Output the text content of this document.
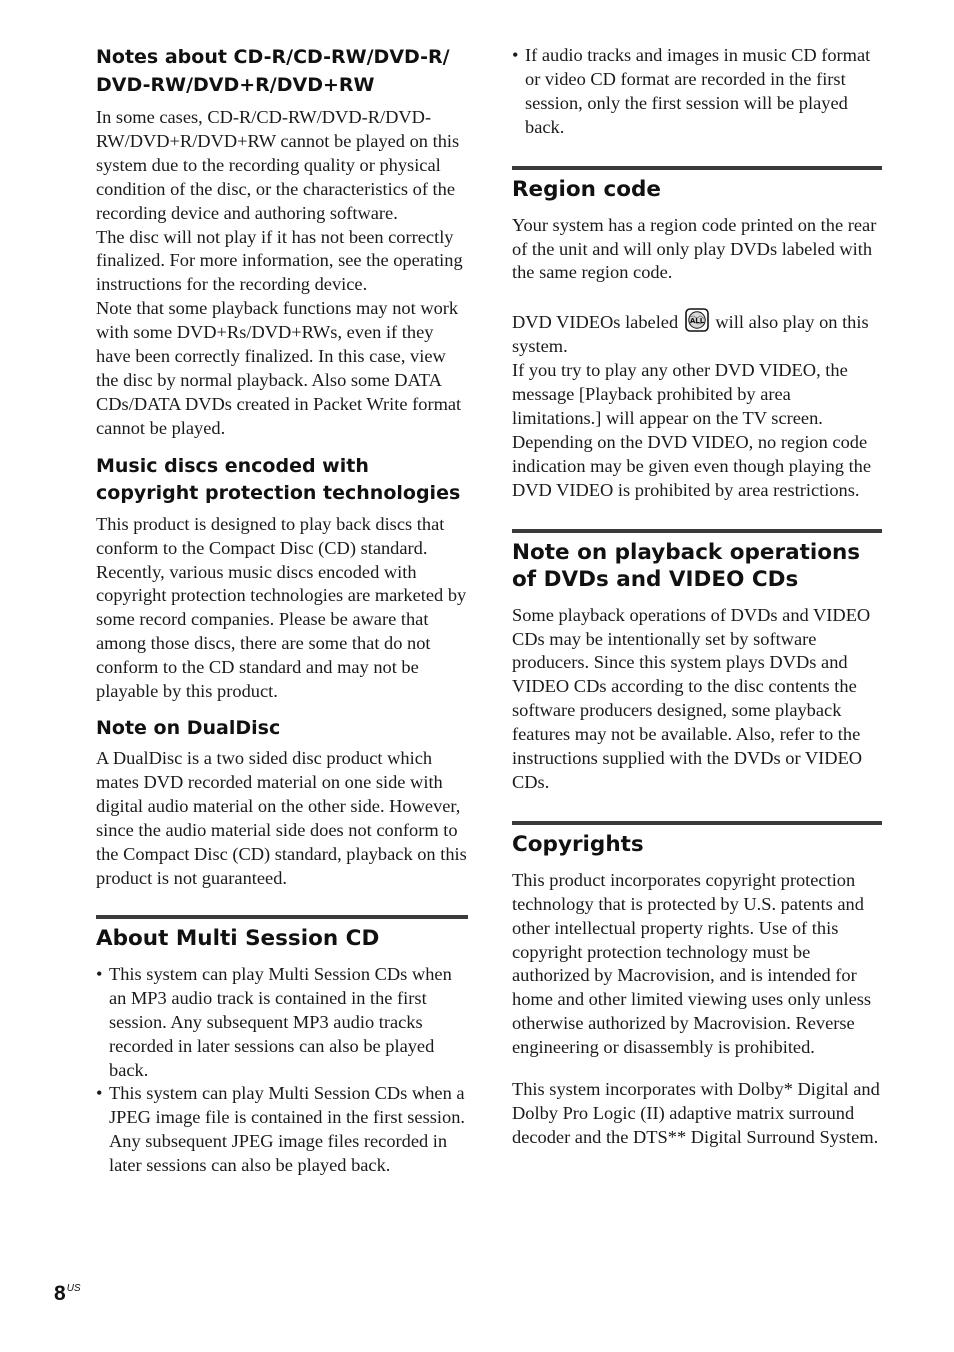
Notes about CD-R/CD-RW/DVD-R/
DVD-RW/DVD+R/DVD+RW

In some cases, CD-R/CD-RW/DVD-R/DVD-RW/DVD+R/DVD+RW cannot be played on this system due to the recording quality or physical condition of the disc, or the characteristics of the recording device and authoring software.

The disc will not play if it has not been correctly finalized. For more information, see the operating instructions for the recording device.

Note that some playback functions may not work with some DVD+Rs/DVD+RWs, even if they have been correctly finalized. In this case, view the disc by normal playback. Also some DATA CDs/DATA DVDs created in Packet Write format cannot be played.

Music discs encoded with copyright protection technologies

This product is designed to play back discs that conform to the Compact Disc (CD) standard. Recently, various music discs encoded with copyright protection technologies are marketed by some record companies. Please be aware that among those discs, there are some that do not conform to the CD standard and may not be playable by this product.

Note on DualDisc

A DualDisc is a two sided disc product which mates DVD recorded material on one side with digital audio material on the other side. However, since the audio material side does not conform to the Compact Disc (CD) standard, playback on this product is not guaranteed.

About Multi Session CD
• This system can play Multi Session CDs when an MP3 audio track is contained in the first session. Any subsequent MP3 audio tracks recorded in later sessions can also be played back.
• This system can play Multi Session CDs when a JPEG image file is contained in the first session. Any subsequent JPEG image files recorded in later sessions can also be played back.
• If audio tracks and images in music CD format or video CD format are recorded in the first session, only the first session will be played back.
Region code

Your system has a region code printed on the rear of the unit and will only play DVDs labeled with the same region code.

DVD VIDEOs labeled ALL will also play on this system.

If you try to play any other DVD VIDEO, the message [Playback prohibited by area limitations.] will appear on the TV screen. Depending on the DVD VIDEO, no region code indication may be given even though playing the DVD VIDEO is prohibited by area restrictions.

Note on playback operations of DVDs and VIDEO CDs

Some playback operations of DVDs and VIDEO CDs may be intentionally set by software producers. Since this system plays DVDs and VIDEO CDs according to the disc contents the software producers designed, some playback features may not be available. Also, refer to the instructions supplied with the DVDs or VIDEO CDs.

Copyrights

This product incorporates copyright protection technology that is protected by U.S. patents and other intellectual property rights. Use of this copyright protection technology must be authorized by Macrovision, and is intended for home and other limited viewing uses only unless otherwise authorized by Macrovision. Reverse engineering or disassembly is prohibited.

This system incorporates with Dolby* Digital and Dolby Pro Logic (II) adaptive matrix surround decoder and the DTS** Digital Surround System.

$8^{US}$
